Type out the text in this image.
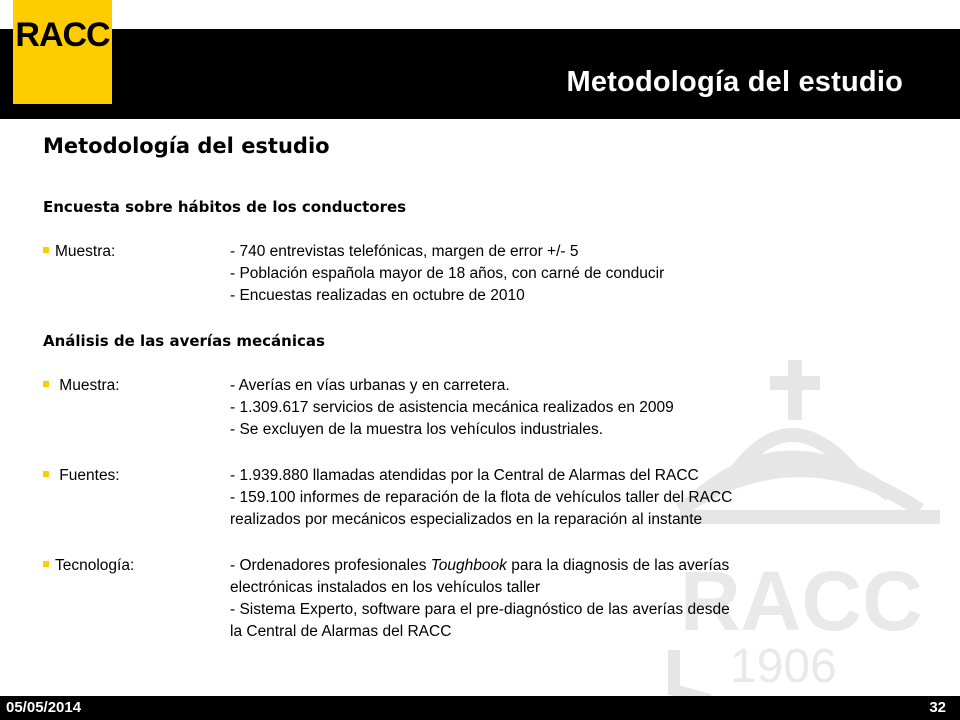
Metodología del estudio
RACC
RACC
1906
Metodología del estudio
Encuesta sobre hábitos de los conductores
Muestra:	- 740 entrevistas telefónicas, margen de error +/- 5
- Población española mayor de 18 años, con carné de conducir
- Encuestas realizadas en octubre de 2010
Análisis de las averías mecánicas
Muestra:	- Averías en vías urbanas y en carretera.
- 1.309.617 servicios de asistencia mecánica realizados en 2009
- Se excluyen de la muestra los vehículos industriales.
Fuentes:	- 1.939.880 llamadas atendidas por la Central de Alarmas del RACC
- 159.100 informes de reparación de la flota de vehículos taller del RACC
realizados por mecánicos especializados en la reparación al instante
Tecnología:	- Ordenadores profesionales Toughbook para la diagnosis de las averías
electrónicas instalados en los vehículos taller
- Sistema Experto, software para el pre-diagnóstico de las averías desde
la Central de Alarmas del RACC
05/05/2014	32
